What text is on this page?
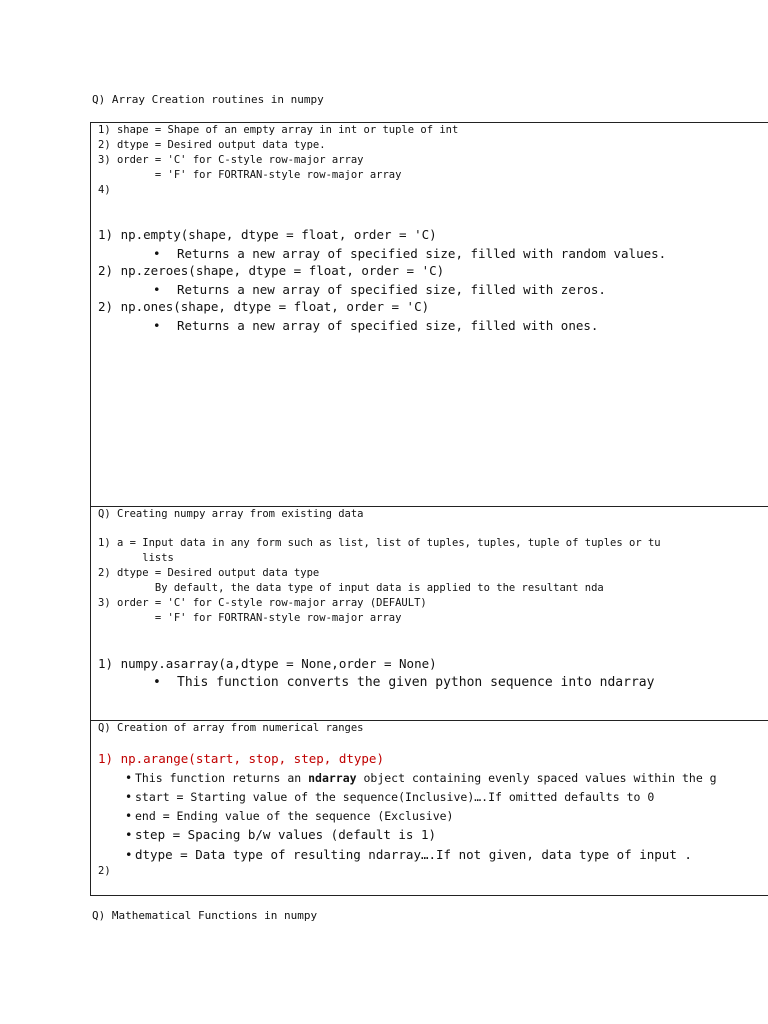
Q) Array Creation routines in numpy
1) shape = Shape of an empty array in int or tuple of int
2) dtype = Desired output data type.
3) order = 'C' for C-style row-major array
= 'F' for FORTRAN-style row-major array
4)
1) np.empty(shape, dtype = float, order = 'C)
•
Returns a new array of specified size, filled with random values.
2) np.zeroes(shape, dtype = float, order = 'C)
•
Returns a new array of specified size, filled with zeros.
2) np.ones(shape, dtype = float, order = 'C)
•
Returns a new array of specified size, filled with ones.
Q) Creating numpy array from existing data
1) a = Input data in any form such as list, list of tuples, tuples, tuple of tuples or tu
lists
2) dtype = Desired output data type
By default, the data type of input data is applied to the resultant nda
3) order = 'C' for C-style row-major array (DEFAULT)
= 'F' for FORTRAN-style row-major array
1) numpy.asarray(a,dtype = None,order = None)
•
This function converts the given python sequence into ndarray
Q) Creation of array from numerical ranges
1) np.arange(start, stop, step, dtype)
•
This function returns an ndarray object containing evenly spaced values within the g
•
start = Starting value of the sequence(Inclusive)….If omitted defaults to 0
•
end = Ending value of the sequence (Exclusive)
•
step = Spacing b/w values (default is 1)
•
dtype = Data type of resulting ndarray….If not given, data type of input .
2)
Q) Mathematical Functions in numpy
